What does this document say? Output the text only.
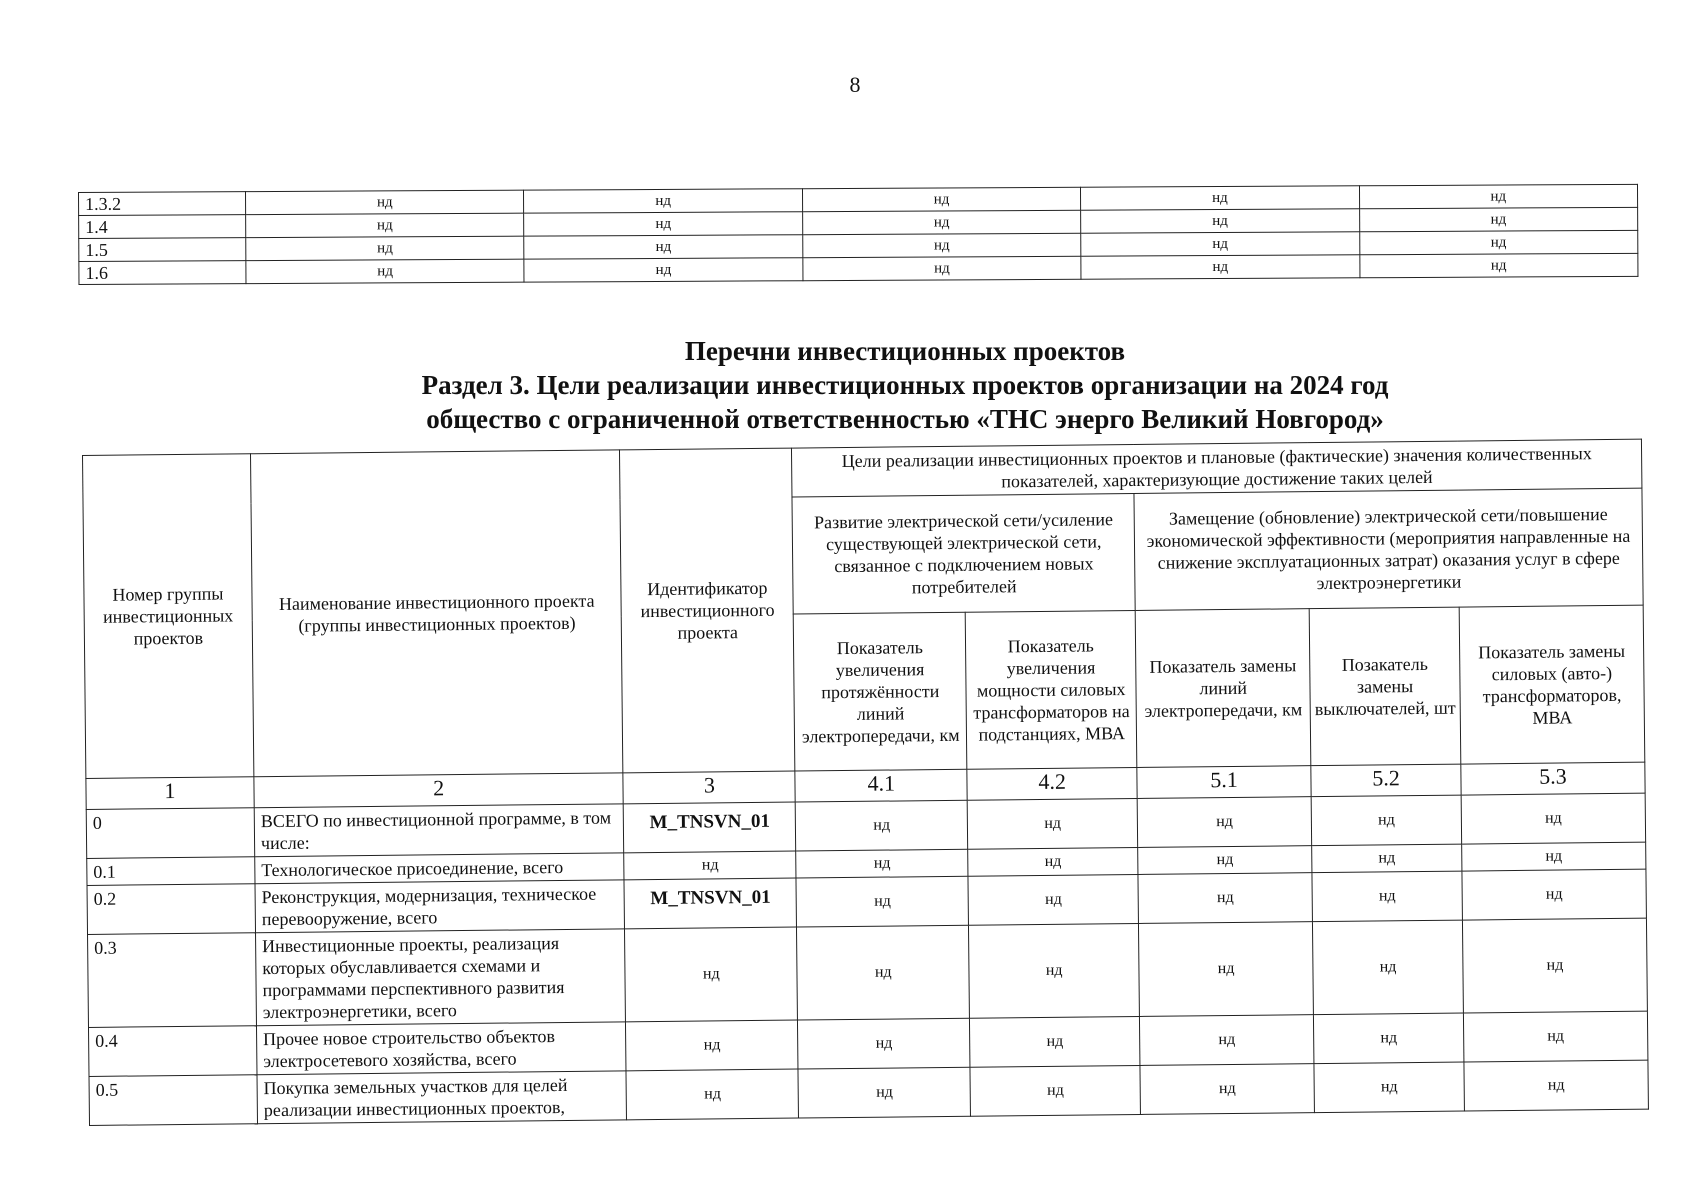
8
1.3.2	нд	нд	нд	нд	нд
1.4	нд	нд	нд	нд	нд
1.5	нд	нд	нд	нд	нд
1.6	нд	нд	нд	нд	нд
Перечни инвестиционных проектов
Раздел 3. Цели реализации инвестиционных проектов организации на 2024 год
общество с ограниченной ответственностью «ТНС энерго Великий Новгород»
Номер группы инвестиционных проектов	Наименование инвестиционного проекта (группы инвестиционных проектов)	Идентификатор инвестиционного проекта	Цели реализации инвестиционных проектов и плановые (фактические) значения количественных показателей, характеризующие достижение таких целей				
			Развитие электрической сети/усиление существующей электрической сети, связанное с подключением новых потребителей		Замещение (обновление) электрической сети/повышение экономической эффективности (мероприятия направленные на снижение эксплуатационных затрат) оказания услуг в сфере электроэнергетики		
			Показатель увеличения протяжённости линий электропередачи, км	Показатель увеличения мощности силовых трансформаторов на подстанциях, МВА	Показатель замены линий электропередачи, км	Позакатель замены выключателей, шт	Показатель замены силовых (авто-) трансформаторов, МВА
1	2	3	4.1	4.2	5.1	5.2	5.3
0	ВСЕГО по инвестиционной программе, в том числе:	M_TNSVN_01	нд	нд	нд	нд	нд
0.1	Технологическое присоединение, всего	нд	нд	нд	нд	нд	нд
0.2	Реконструкция, модернизация, техническое перевооружение, всего	M_TNSVN_01	нд	нд	нд	нд	нд
0.3	Инвестиционные проекты, реализация которых обуславливается схемами и программами перспективного развития электроэнергетики, всего	нд	нд	нд	нд	нд	нд
0.4	Прочее новое строительство объектов электросетевого хозяйства, всего	нд	нд	нд	нд	нд	нд
0.5	Покупка земельных участков для целей реализации инвестиционных проектов,	нд	нд	нд	нд	нд	нд
